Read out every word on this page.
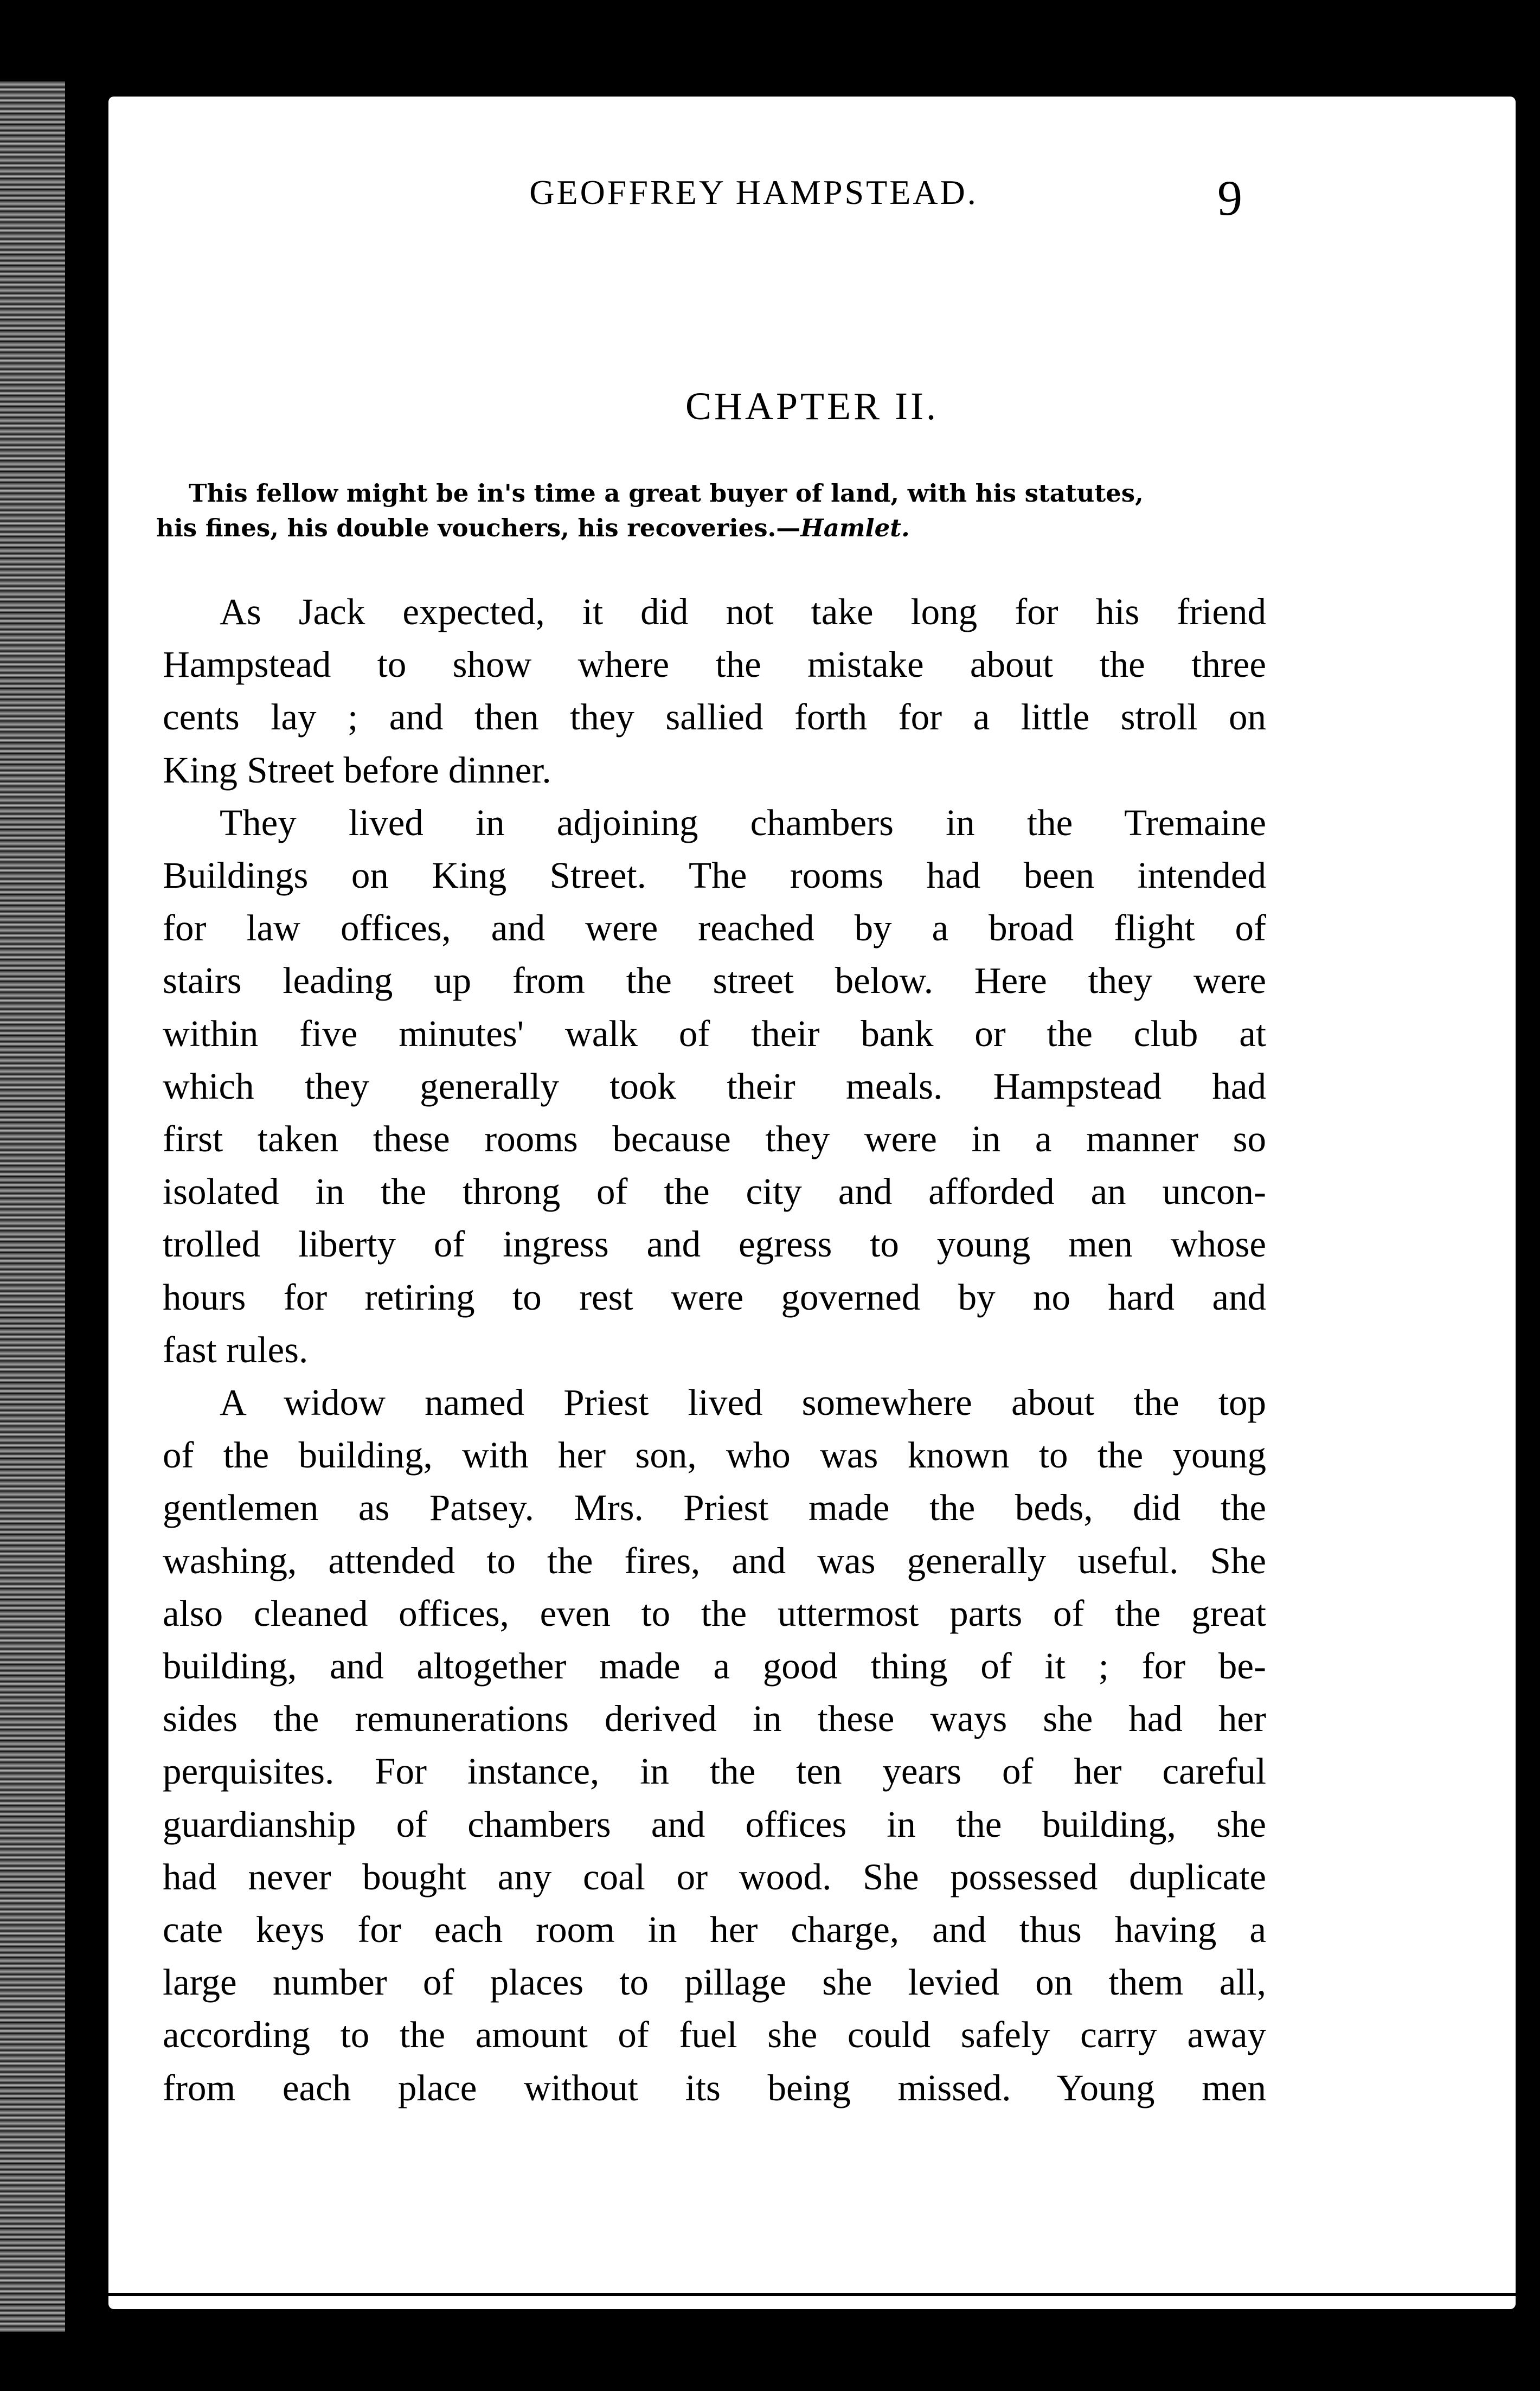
GEOFFREY HAMPSTEAD.	9
CHAPTER II.

This fellow might be in's time a great buyer of land, with his statutes,

his fines, his double vouchers, his recoveries.—Hamlet.

As Jack expected, it did not take long for his friend
Hampstead to show where the mistake about the three
cents lay ; and then they sallied forth for a little stroll on
King Street before dinner.
They lived in adjoining chambers in the Tremaine
Buildings on King Street. The rooms had been intended
for law offices, and were reached by a broad flight of
stairs leading up from the street below. Here they were
within five minutes' walk of their bank or the club at
which they generally took their meals. Hampstead had
first taken these rooms because they were in a manner so
isolated in the throng of the city and afforded an uncon-
trolled liberty of ingress and egress to young men whose
hours for retiring to rest were governed by no hard and
fast rules.
A widow named Priest lived somewhere about the top
of the building, with her son, who was known to the young
gentlemen as Patsey. Mrs. Priest made the beds, did the
washing, attended to the fires, and was generally useful. She
also cleaned offices, even to the uttermost parts of the great
building, and altogether made a good thing of it ; for be-
sides the remunerations derived in these ways she had her
perquisites. For instance, in the ten years of her careful
guardianship of chambers and offices in the building, she
had never bought any coal or wood. She possessed duplicate
cate keys for each room in her charge, and thus having a
large number of places to pillage she levied on them all,
according to the amount of fuel she could safely carry away
from each place without its being missed. Young men
